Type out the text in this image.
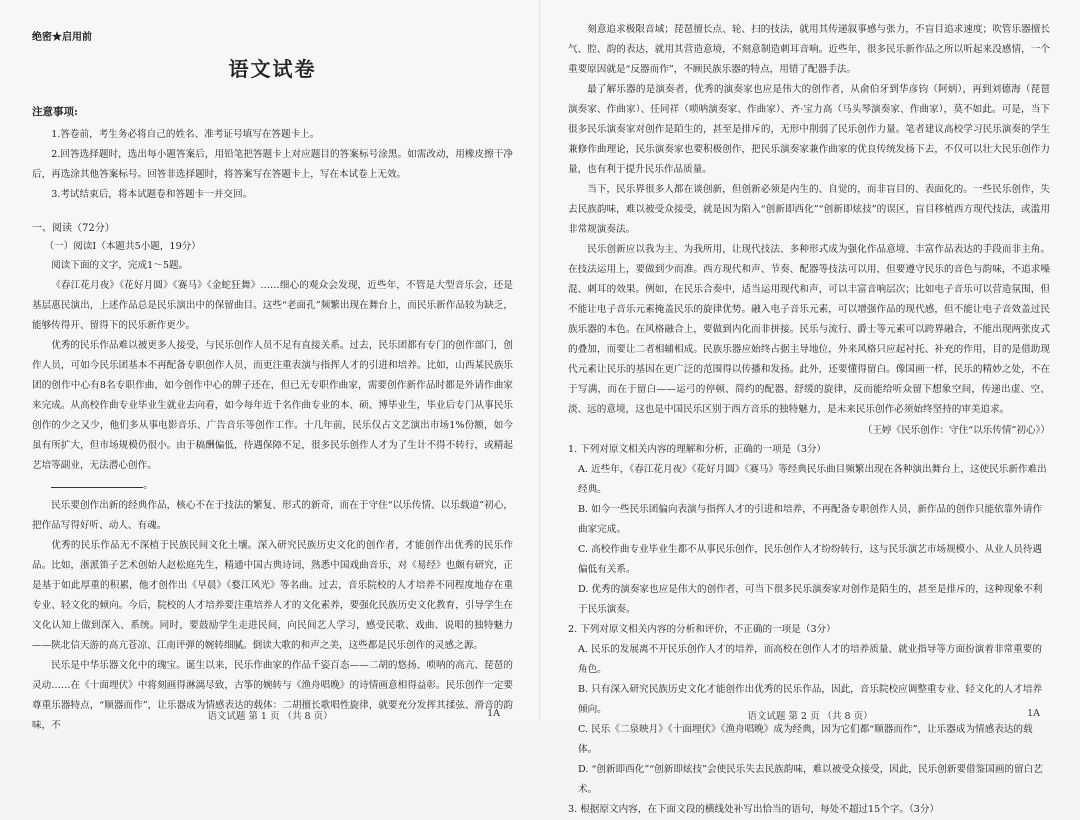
绝密★启用前
语文试卷
注意事项:

1.答卷前，考生务必将自己的姓名、准考证号填写在答题卡上。

2.回答选择题时，选出每小题答案后，用铅笔把答题卡上对应题目的答案标号涂黑。如需改动，用橡皮擦干净后，再选涂其他答案标号。回答非选择题时，将答案写在答题卡上，写在本试卷上无效。

3.考试结束后，将本试题卷和答题卡一并交回。

一、阅读（72分）
（一）阅读Ⅰ（本题共5小题，19分）

阅读下面的文字，完成1～5题。

《春江花月夜》《花好月圆》《赛马》《金蛇狂舞》……细心的观众会发现，近些年，不管是大型音乐会，还是基层惠民演出，上述作品总是民乐演出中的保留曲目。这些“老面孔”频繁出现在舞台上，而民乐新作品较为缺乏，能够传得开、留得下的民乐新作更少。

优秀的民乐作品难以被更多人接受，与民乐创作人员不足有直接关系。过去，民乐团都有专门的创作部门，创作人员，可如今民乐团基本不再配备专职创作人员，而更注重表演与指挥人才的引进和培养。比如，山西某民族乐团的创作中心有8名专职作曲，如今创作中心的牌子还在，但已无专职作曲家，需要创作新作品时都是外请作曲家来完成。从高校作曲专业毕业生就业去向看，如今每年近千名作曲专业的本、硕、博毕业生，毕业后专门从事民乐创作的少之又少，他们多从事电影音乐、广告音乐等创作工作。十几年前，民乐仅占文艺演出市场1%份额，如今虽有所扩大，但市场规模仍很小。由于稿酬偏低，待遇保障不足，很多民乐创作人才为了生计不得不转行，或精起艺培等副业，无法潜心创作。

。

民乐要创作出新的经典作品，核心不在于技法的繁复、形式的新奇，而在于守住“以乐传情、以乐载道”初心，把作品写得好听、动人、有魂。

优秀的民乐作品无不深植于民族民间文化土壤。深入研究民族历史文化的创作者，才能创作出优秀的民乐作品。比如，浙派笛子艺术创始人赵松庭先生，精通中国古典诗词，熟悉中国戏曲音乐，对《易经》也颇有研究，正是基于如此厚重的积累，他才创作出《早晨》《婺江风光》等名曲。过去，音乐院校的人才培养不同程度地存在重专业、轻文化的倾向。今后，院校的人才培养要注重培养人才的文化素养，要强化民族历史文化教育，引导学生在文化认知上做到深入、系统。同时，要鼓励学生走进民间，向民间艺人学习，感受民歌、戏曲、说唱的独特魅力——陕北信天游的高亢苍凉、江南评弹的婉转细腻。倒读大歌的和声之美，这些都是民乐创作的灵感之源。

民乐是中华乐器文化中的瑰宝。诞生以来，民乐作曲家的作品千姿百态——二胡的悠扬、唢呐的高亢、琵琶的灵动……在《十面埋伏》中将刻画得淋漓尽致，古筝的婉转与《渔舟唱晚》的诗情画意相得益彰。民乐创作一定要尊重乐器特点，“顺器而作”，让乐器成为情感表达的载体：二胡擅长歌唱性旋律，就要充分发挥其揉弦、滑音的韵味，不

语文试题 第 1 页 （共 8 页）	1A

刻意追求极限音域；琵琶擅长点、轮、扫的技法，就用其传递叙事感与张力，不盲目追求速度；吹管乐器擅长气、腔、韵的表达，就用其营造意境，不刻意制造刺耳音响。近些年，很多民乐新作品之所以听起来没感情，一个重要原因就是“反器而作”，不顾民族乐器的特点，用错了配器手法。

最了解乐器的是演奏者，优秀的演奏家也应是伟大的创作者，从俞伯牙到华彦钧（阿炳），再到刘德海（琵琶演奏家、作曲家）、任同祥（唢呐演奏家、作曲家）、齐·宝力高（马头琴演奏家、作曲家），莫不如此。可是，当下很多民乐演奏家对创作是陌生的，甚至是排斥的，无形中削弱了民乐创作力量。笔者建议高校学习民乐演奏的学生兼修作曲理论，民乐演奏家也要积极创作，把民乐演奏家兼作曲家的优良传统发扬下去，不仅可以壮大民乐创作力量，也有利于提升民乐作品质量。

当下，民乐界很多人都在谈创新，但创新必须是内生的、自觉的，而非盲目的、表面化的。一些民乐创作，失去民族韵味，难以被受众接受，就是因为陷入“创新即西化”“创新即炫技”的误区，盲目移植西方现代技法，或滥用非常规演奏法。

民乐创新应以我为主、为我所用，让现代技法、多种形式成为强化作品意境、丰富作品表达的手段而非主角。在技法运用上，要做到少而准。西方现代和声、节奏、配器等技法可以用，但要遵守民乐的音色与韵味，不追求噪混、刺耳的效果。例如，在民乐合奏中，适当运用现代和声，可以丰富音响层次；比如电子音乐可以营造氛围，但不能让电子音乐元素掩盖民乐的旋律优势。融入电子音乐元素，可以增强作品的现代感，但不能让电子音效盖过民族乐器的本色。在风格融合上，要做到内化而非拼接。民乐与流行、爵士等元素可以跨界融合，不能出现两张皮式的叠加，而要让二者相辅相成。民族乐器应始终占据主导地位，外来风格只应起衬托、补充的作用，目的是借助现代元素让民乐的基因在更广泛的范围得以传播和发扬。此外，还要懂得留白。像国画一样，民乐的精妙之处，不在于写满，而在于留白——运弓的停顿、简约的配器、舒缓的旋律，反而能给听众留下想象空间，传递出虚、空、淡、远的意境，这也是中国民乐区别于西方音乐的独特魅力，是未来民乐创作必须始终坚持的审美追求。

（王婷《民乐创作：守住“以乐传情”初心》）

1. 下列对原文相关内容的理解和分析，正确的一项是（3分）

A. 近些年，《春江花月夜》《花好月圆》《赛马》等经典民乐曲目频繁出现在各种演出舞台上，这使民乐新作难出经典。

B. 如今一些民乐团偏向表演与指挥人才的引进和培养，不再配备专职创作人员，新作品的创作只能依靠外请作曲家完成。

C. 高校作曲专业毕业生都不从事民乐创作，民乐创作人才纷纷转行，这与民乐演艺市场规模小、从业人员待遇偏低有关系。

D. 优秀的演奏家也应是伟大的创作者，可当下很多民乐演奏家对创作是陌生的，甚至是排斥的，这种现象不利于民乐演奏。

2. 下列对原文相关内容的分析和评价，不正确的一项是（3分）

A. 民乐的发展离不开民乐创作人才的培养，而高校在创作人才的培养质量、就业指导等方面扮演着非常重要的角色。

B. 只有深入研究民族历史文化才能创作出优秀的民乐作品，因此，音乐院校应调整重专业、轻文化的人才培养倾向。

C. 民乐《二泉映月》《十面埋伏》《渔舟唱晚》成为经典，因为它们都“顺器而作”，让乐器成为情感表达的载体。

D. “创新即西化”“创新即炫技”会使民乐失去民族韵味，难以被受众接受，因此，民乐创新要借鉴国画的留白艺术。

3. 根据原文内容，在下面文段的横线处补写出恰当的语句，每处不超过15个字。（3分）

语文试题 第 2 页 （共 8 页）	1A
